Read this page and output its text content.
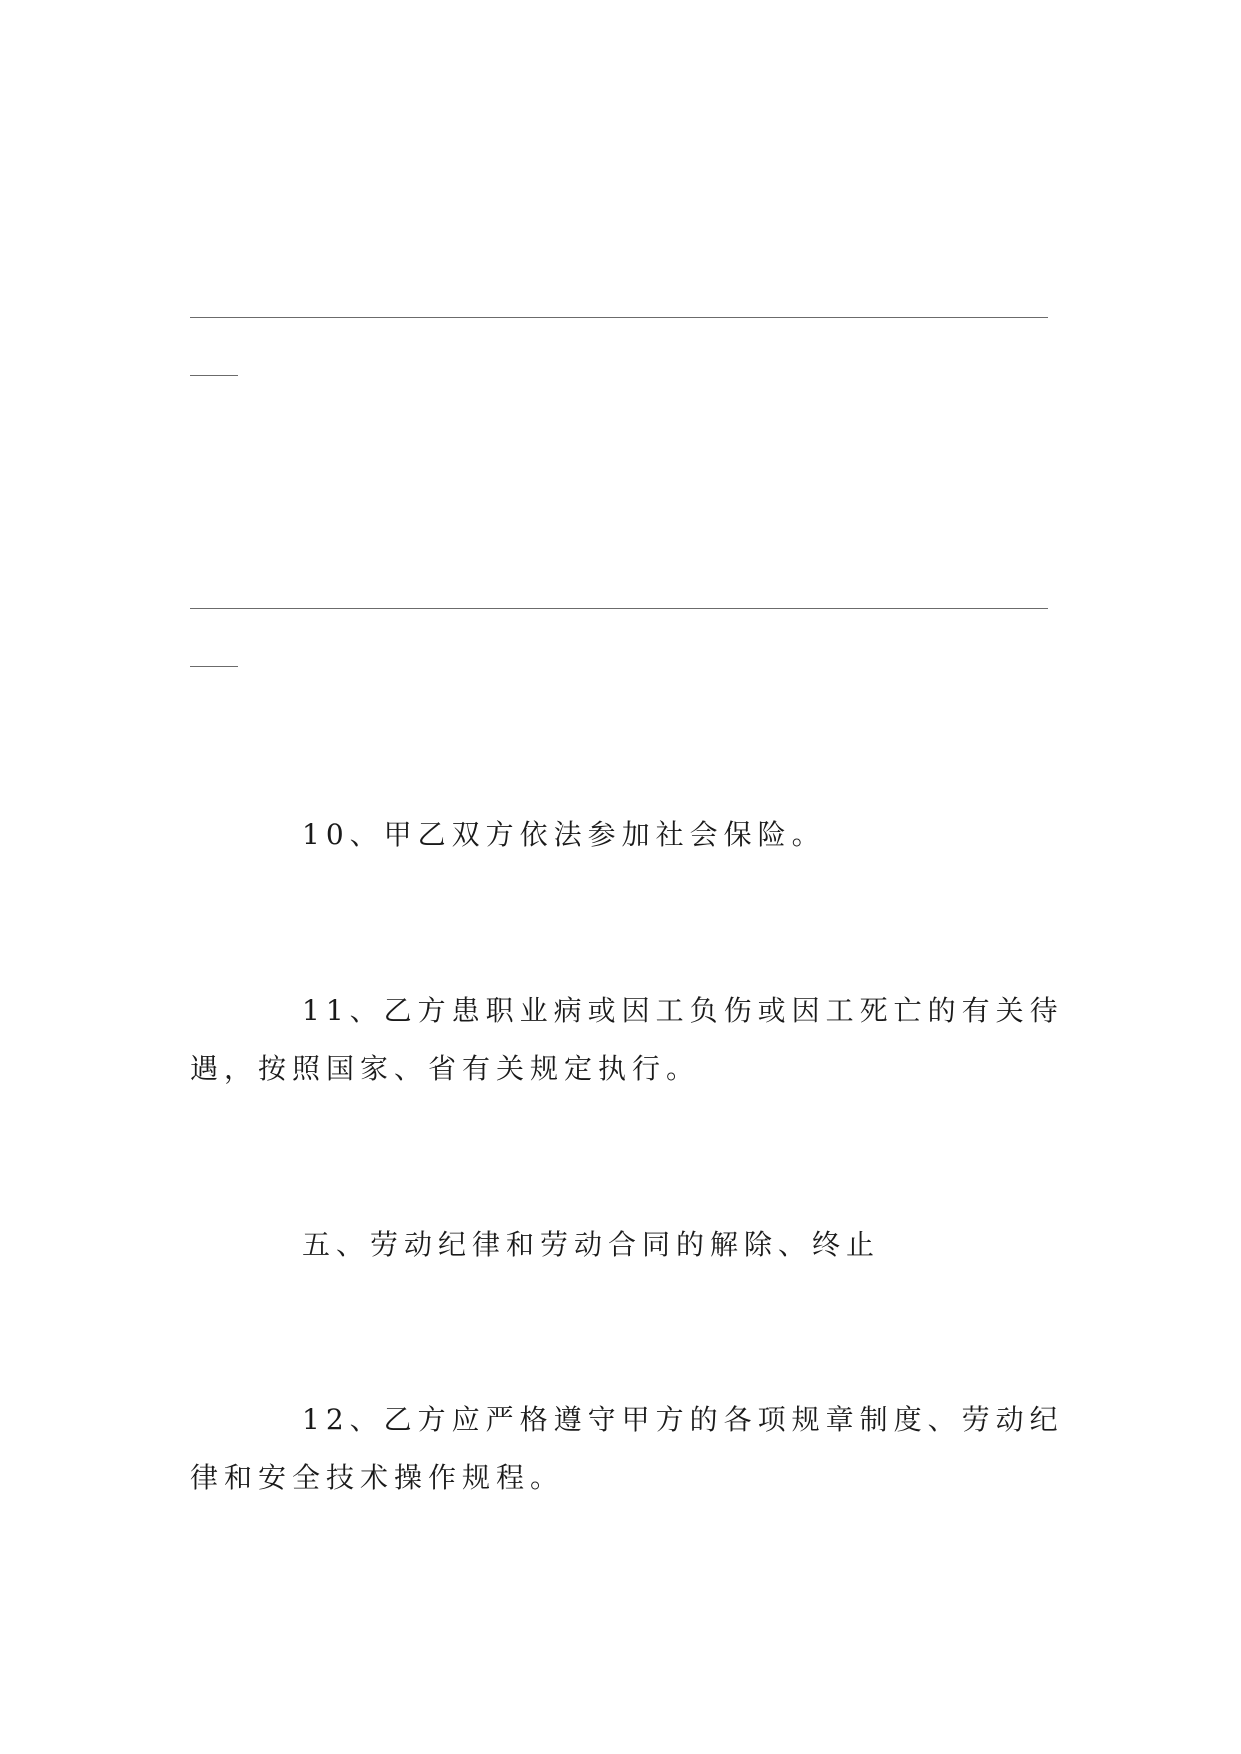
10、甲乙双方依法参加社会保险。

11、乙方患职业病或因工负伤或因工死亡的有关待遇，按照国家、省有关规定执行。

五、劳动纪律和劳动合同的解除、终止

12、乙方应严格遵守甲方的各项规章制度、劳动纪律和安全技术操作规程。
